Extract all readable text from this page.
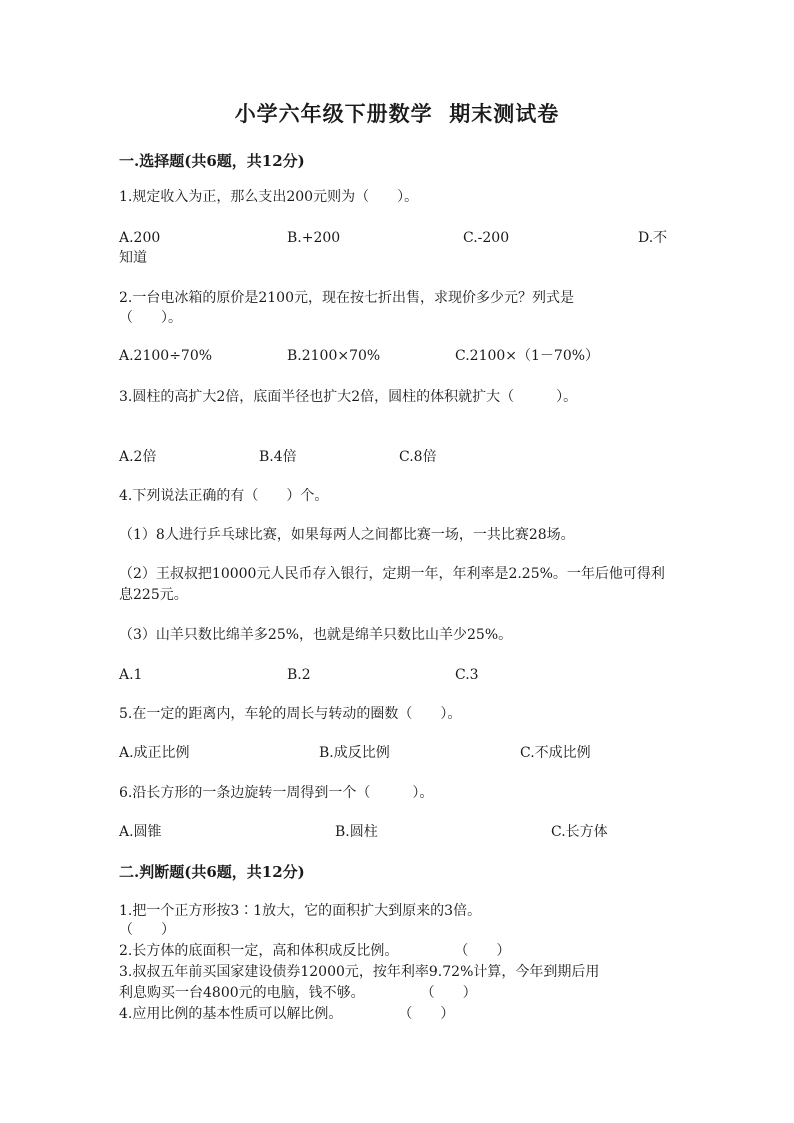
小学六年级下册数学  期末测试卷
一.选择题(共6题，共12分)
1.规定收入为正，那么支出200元则为（　　）。
A.200	B.+200	C.-200	D.不
知道
2.一台电冰箱的原价是2100元，现在按七折出售，求现价多少元？列式是
（　　）。
A.2100÷70%	B.2100×70%	C.2100×（1－70%）
3.圆柱的高扩大2倍，底面半径也扩大2倍，圆柱的体积就扩大（　　　）。
A.2倍	B.4倍	C.8倍
4.下列说法正确的有（　　）个。
（1）8人进行乒乓球比赛，如果每两人之间都比赛一场，一共比赛28场。
（2）王叔叔把10000元人民币存入银行，定期一年，年利率是2.25%。一年后他可得利息225元。
（3）山羊只数比绵羊多25%，也就是绵羊只数比山羊少25%。
A.1	B.2	C.3
5.在一定的距离内，车轮的周长与转动的圈数（　　）。
A.成正比例	B.成反比例	C.不成比例
6.沿长方形的一条边旋转一周得到一个（　　　）。
A.圆锥	B.圆柱	C.长方体
二.判断题(共6题，共12分)
1.把一个正方形按3∶1放大，它的面积扩大到原来的3倍。
（　　）
2.长方体的底面积一定，高和体积成反比例。　　　　　（　　）
3.叔叔五年前买国家建设债券12000元，按年利率9.72%计算，今年到期后用
利息购买一台4800元的电脑，钱不够。　　　　　（　　）
4.应用比例的基本性质可以解比例。　　　　　（　　）
